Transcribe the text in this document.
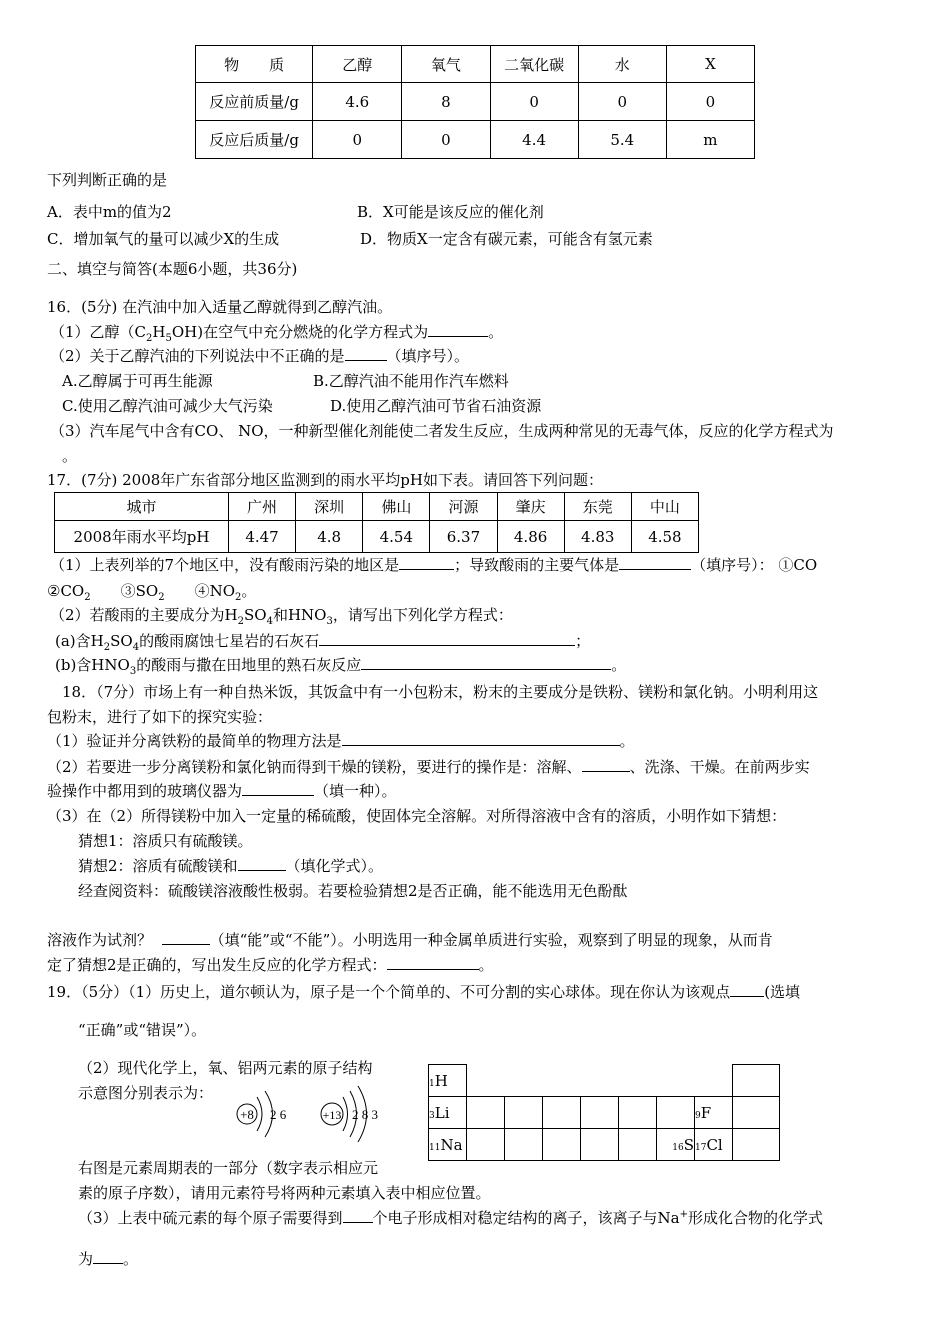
物　　质	乙醇	氧气	二氧化碳	水	X
反应前质量/g	4.6	8	0	0	0
反应后质量/g	0	0	4.4	5.4	m
下列判断正确的是
A．表中m的值为2	B．X可能是该反应的催化剂
C．增加氧气的量可以减少X的生成	D．物质X一定含有碳元素，可能含有氢元素
二、填空与简答(本题6小题，共36分)
16．(5分) 在汽油中加入适量乙醇就得到乙醇汽油。
（1）乙醇$(C_2H_5OH)$在空气中充分燃烧的化学方程式为	。
（2）关于乙醇汽油的下列说法中不正确的是	（填序号）。
A.乙醇属于可再生能源	B.乙醇汽油不能用作汽车燃料
C.使用乙醇汽油可减少大气污染	D.使用乙醇汽油可节省石油资源
（3）汽车尾气中含有CO、 NO，一种新型催化剂能使二者发生反应，生成两种常见的无毒气体，反应的化学方程式为
。
17．(7分) 2008年广东省部分地区监测到的雨水平均pH如下表。请回答下列问题：
城市	广州	深圳	佛山	河源	肇庆	东莞	中山
2008年雨水平均pH	4.47	4.8	4.54	6.37	4.86	4.83	4.58
（1）上表列举的7个地区中，没有酸雨污染的地区是	；导致酸雨的主要气体是	（填序号）： ①CO
$②CO_2$　　$③SO_2$　　$④NO_2$。
（2）若酸雨的主要成分为$H_2SO_4$和$HNO_3$，请写出下列化学方程式：
(a)含$H_2SO_4$的酸雨腐蚀七星岩的石灰石	；
(b)含$HNO_3$的酸雨与撒在田地里的熟石灰反应	。
18．（7分）市场上有一种自热米饭，其饭盒中有一小包粉末，粉末的主要成分是铁粉、镁粉和氯化钠。小明利用这
包粉末，进行了如下的探究实验：
（1）验证并分离铁粉的最简单的物理方法是	。
（2）若要进一步分离镁粉和氯化钠而得到干燥的镁粉，要进行的操作是：溶解、	、洗涤、干燥。在前两步实
验操作中都用到的玻璃仪器为	（填一种）。
（3）在（2）所得镁粉中加入一定量的稀硫酸，使固体完全溶解。对所得溶液中含有的溶质，小明作如下猜想：
猜想1：溶质只有硫酸镁。
猜想2：溶质有硫酸镁和	（填化学式）。
经查阅资料：硫酸镁溶液酸性极弱。若要检验猜想2是否正确，能不能选用无色酚酞
溶液作为试剂？	（填“能”或“不能”）。小明选用一种金属单质进行实验，观察到了明显的现象，从而肯
定了猜想2是正确的，写出发生反应的化学方程式：	。
19．（5分）（1）历史上，道尔顿认为，原子是一个个简单的、不可分割的实心球体。现在你认为该观点 (选填
“正确”或“错误”）。
（2）现代化学上，氧、铝两元素的原子结构
示意图分别表示为：
+8 2 6	+13 2 8 3
1H								
3Li							9F	
11Na						16S	17Cl	
右图是元素周期表的一部分（数字表示相应元
素的原子序数），请用元素符号将两种元素填入表中相应位置。
（3）上表中硫元素的每个原子需要得到 个电子形成相对稳定结构的离子，该离子与Na+形成化合物的化学式
为 。
